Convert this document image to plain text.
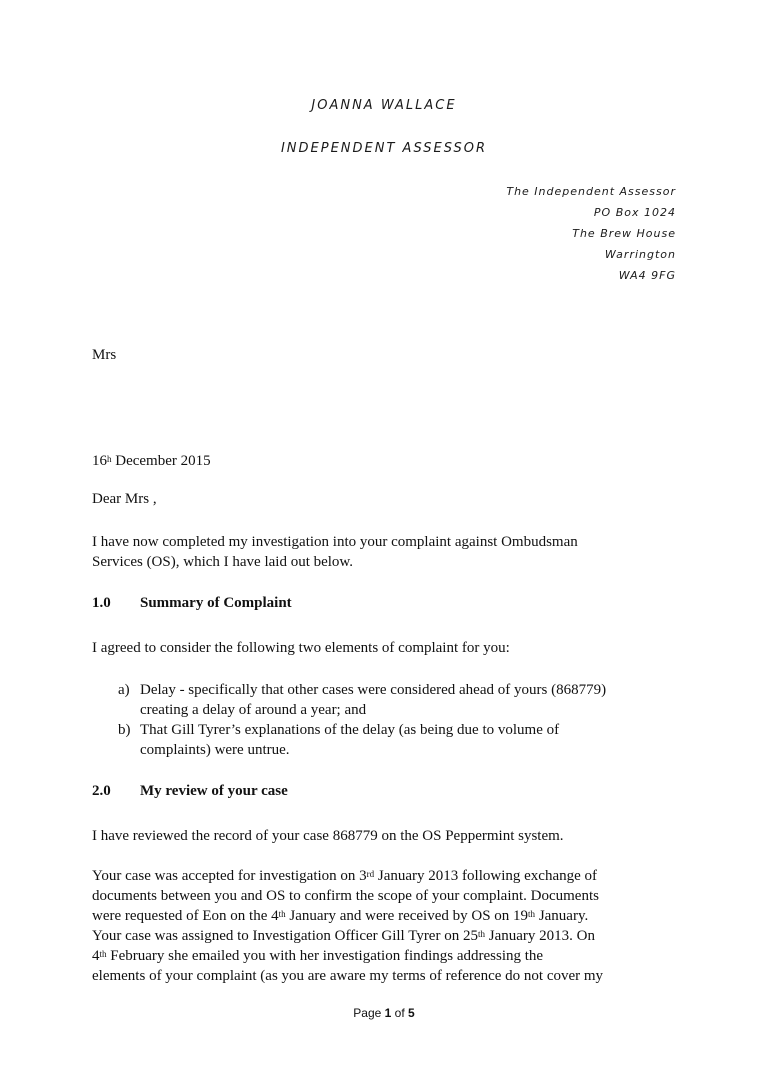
JOANNA WALLACE
INDEPENDENT ASSESSOR
The Independent Assessor
PO Box 1024
The Brew House
Warrington
WA4 9FG
Mrs
16$^h$ December 2015
Dear Mrs ,
I have now completed my investigation into your complaint against Ombudsman
Services (OS), which I have laid out below.
1.0 Summary of Complaint
I agreed to consider the following two elements of complaint for you:
a) Delay - specifically that other cases were considered ahead of yours (868779)
creating a delay of around a year; and
b) That Gill Tyrer’s explanations of the delay (as being due to volume of
complaints) were untrue.
2.0 My review of your case
I have reviewed the record of your case 868779 on the OS Peppermint system.
Your case was accepted for investigation on 3rd January 2013 following exchange of
documents between you and OS to confirm the scope of your complaint. Documents
were requested of Eon on the 4th January and were received by OS on 19th January.
Your case was assigned to Investigation Officer Gill Tyrer on 25th January 2013. On
4th February she emailed you with her investigation findings addressing the
elements of your complaint (as you are aware my terms of reference do not cover my
Page 1 of 5
